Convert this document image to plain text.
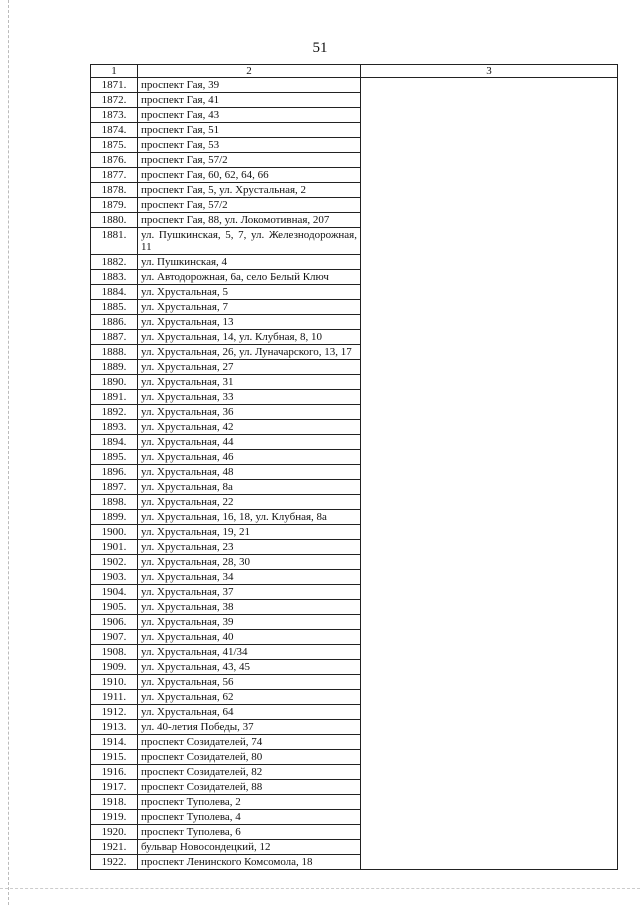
51
1	2	3
1871.	проспект Гая, 39	
1872.	проспект Гая, 41	
1873.	проспект Гая, 43	
1874.	проспект Гая, 51	
1875.	проспект Гая, 53	
1876.	проспект Гая, 57/2	
1877.	проспект Гая, 60, 62, 64, 66	
1878.	проспект Гая, 5, ул. Хрустальная, 2	
1879.	проспект Гая, 57/2	
1880.	проспект Гая, 88, ул. Локомотивная, 207	
1881.	ул. Пушкинская, 5, 7, ул. Железнодорожная, 11	
1882.	ул. Пушкинская, 4	
1883.	ул. Автодорожная, 6а, село Белый Ключ	
1884.	ул. Хрустальная, 5	
1885.	ул. Хрустальная, 7	
1886.	ул. Хрустальная, 13	
1887.	ул. Хрустальная, 14, ул. Клубная, 8, 10	
1888.	ул. Хрустальная, 26, ул. Луначарского, 13, 17	
1889.	ул. Хрустальная, 27	
1890.	ул. Хрустальная, 31	
1891.	ул. Хрустальная, 33	
1892.	ул. Хрустальная, 36	
1893.	ул. Хрустальная, 42	
1894.	ул. Хрустальная, 44	
1895.	ул. Хрустальная, 46	
1896.	ул. Хрустальная, 48	
1897.	ул. Хрустальная, 8а	
1898.	ул. Хрустальная, 22	
1899.	ул. Хрустальная, 16, 18, ул. Клубная, 8а	
1900.	ул. Хрустальная, 19, 21	
1901.	ул. Хрустальная, 23	
1902.	ул. Хрустальная, 28, 30	
1903.	ул. Хрустальная, 34	
1904.	ул. Хрустальная, 37	
1905.	ул. Хрустальная, 38	
1906.	ул. Хрустальная, 39	
1907.	ул. Хрустальная, 40	
1908.	ул. Хрустальная, 41/34	
1909.	ул. Хрустальная, 43, 45	
1910.	ул. Хрустальная, 56	
1911.	ул. Хрустальная, 62	
1912.	ул. Хрустальная, 64	
1913.	ул. 40-летия Победы, 37	
1914.	проспект Созидателей, 74	
1915.	проспект Созидателей, 80	
1916.	проспект Созидателей, 82	
1917.	проспект Созидателей, 88	
1918.	проспект Туполева, 2	
1919.	проспект Туполева, 4	
1920.	проспект Туполева, 6	
1921.	бульвар Новосондецкий, 12	
1922.	проспект Ленинского Комсомола, 18	
